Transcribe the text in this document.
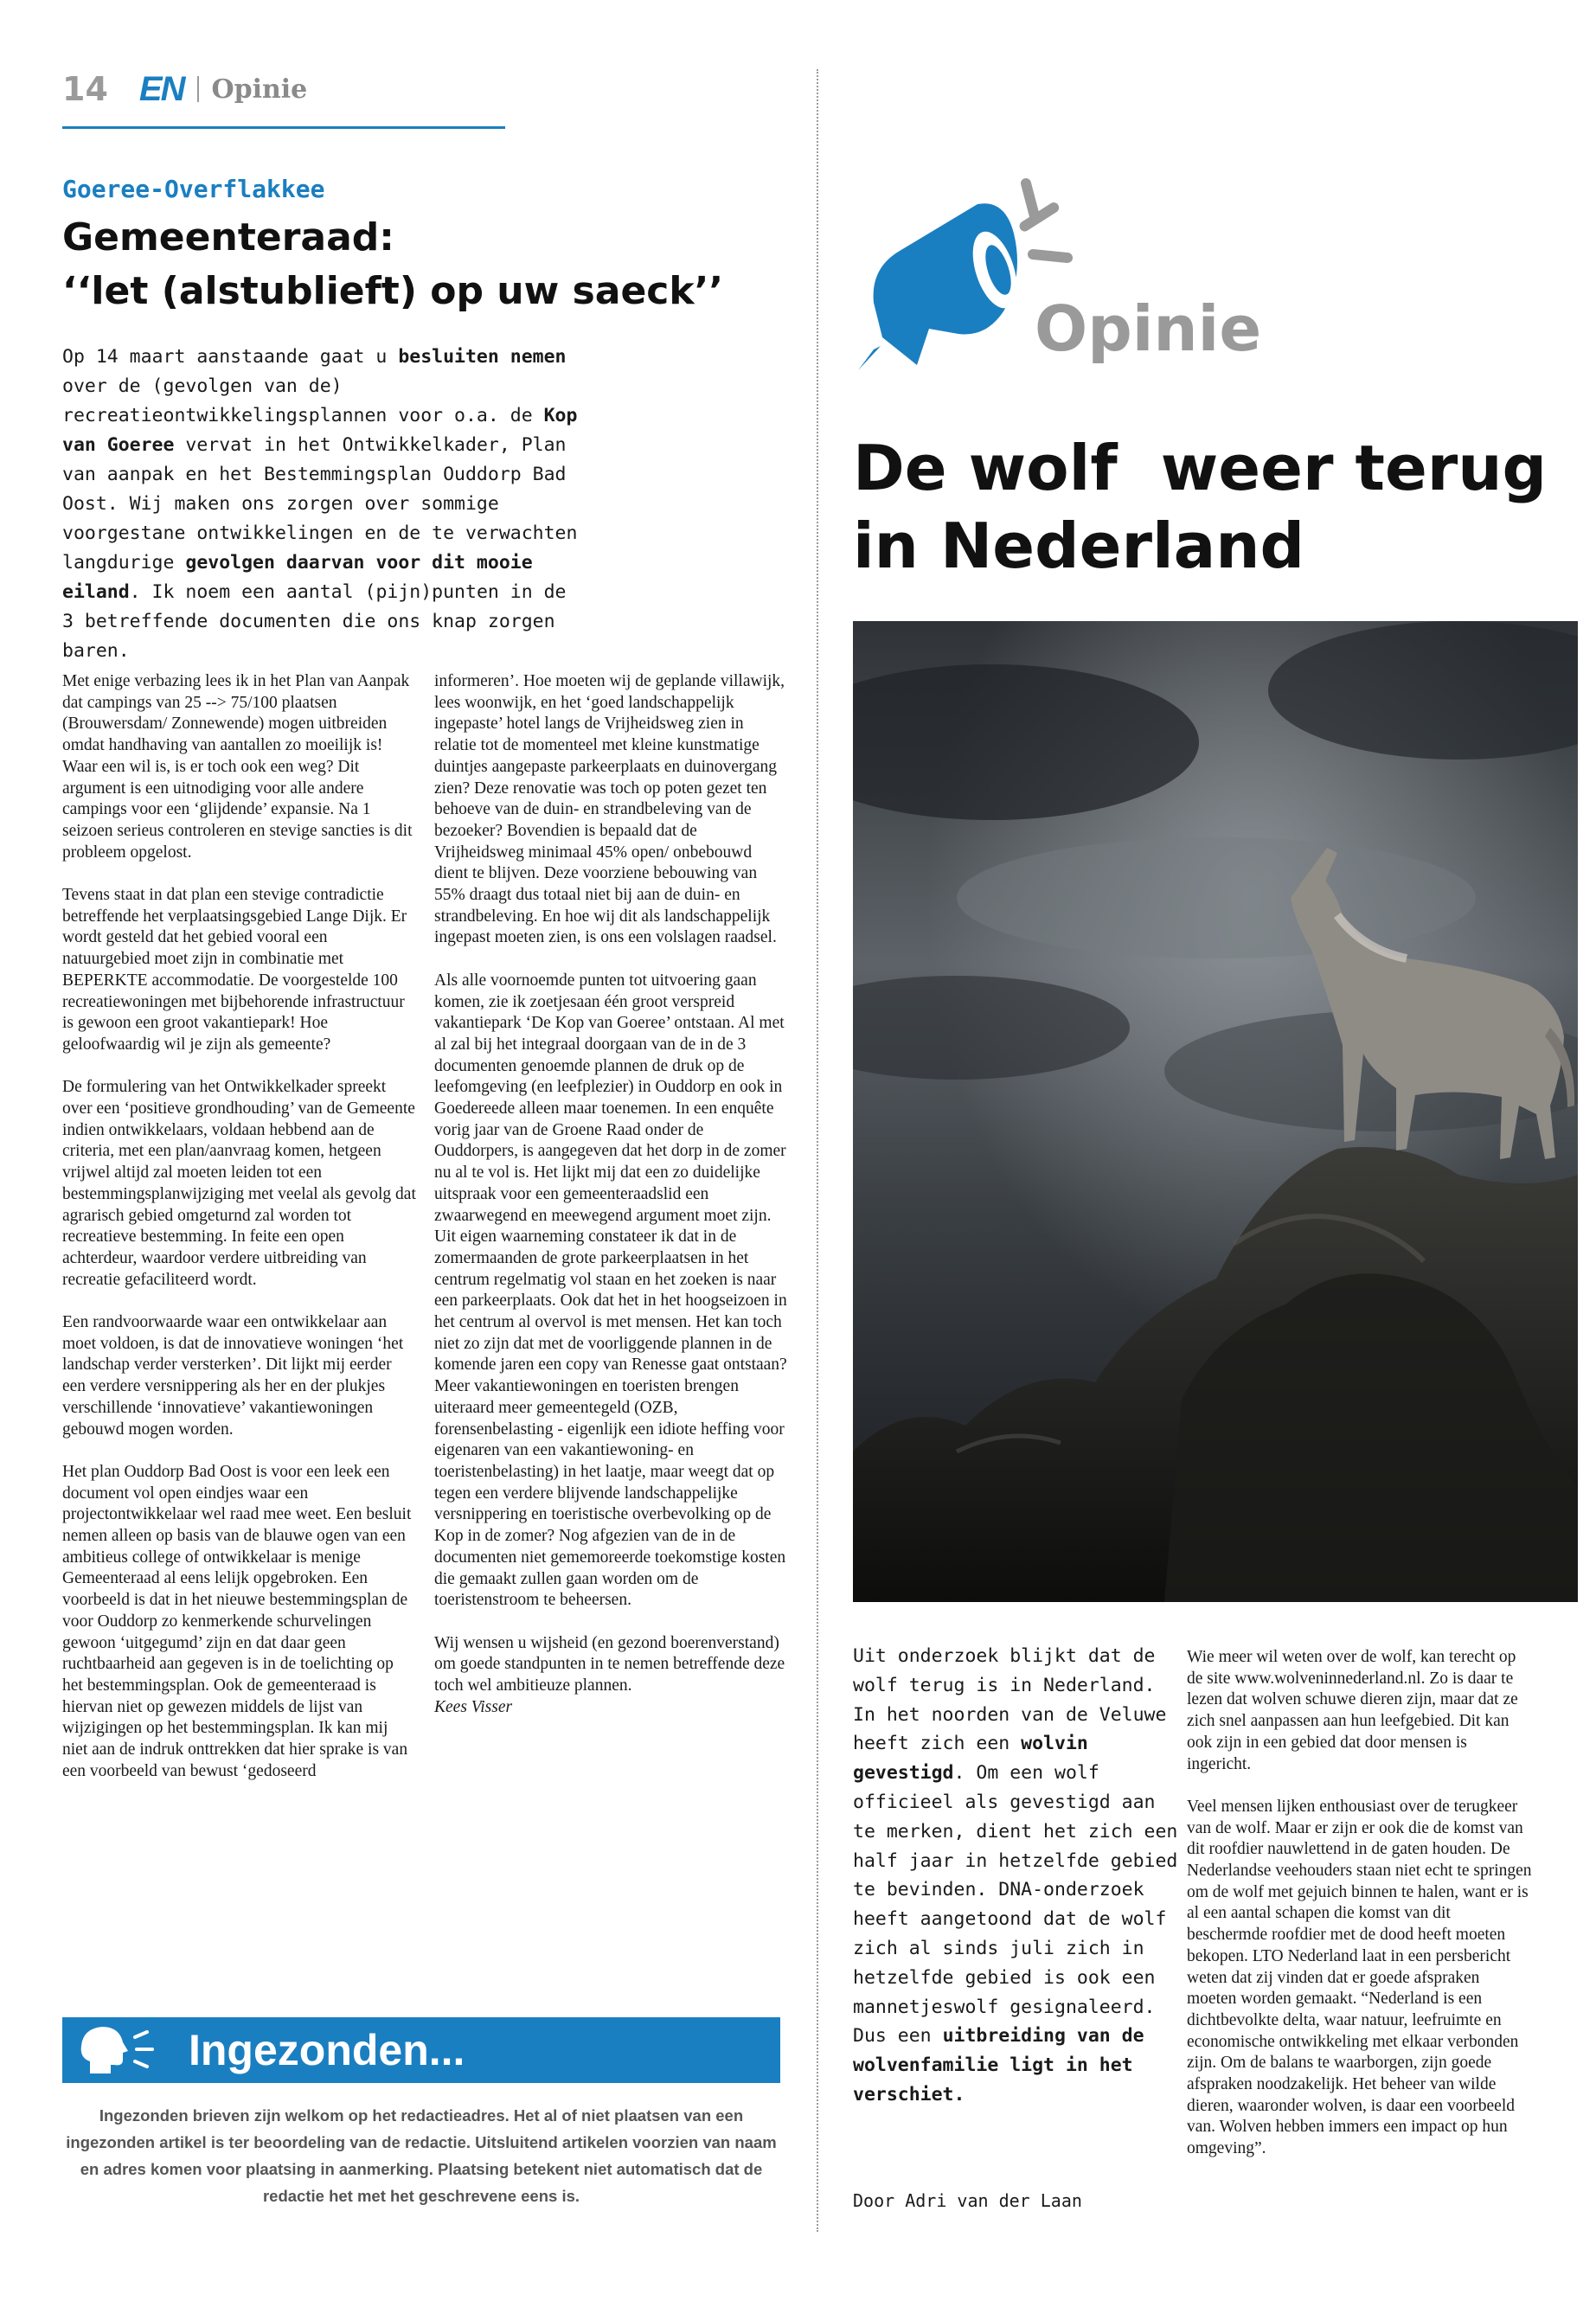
14 EN Opinie
Goeree-Overflakkee
Gemeenteraad:
‘‘let (alstublieft) op uw saeck’’

Op 14 maart aanstaande gaat u besluiten nemen over de (gevolgen van de) recreatieontwikkelingsplannen voor o.a. de Kop van Goeree vervat in het Ontwikkelkader, Plan van aanpak en het Bestemmingsplan Ouddorp Bad Oost. Wij maken ons zorgen over sommige voorgestane ontwikkelingen en de te verwachten langdurige gevolgen daarvan voor dit mooie eiland. Ik noem een aantal (pijn)punten in de 3 betreffende documenten die ons knap zorgen baren.

Met enige verbazing lees ik in het Plan van Aanpak dat campings van 25 --> 75/100 plaatsen (Brouwersdam/ Zonnewende) mogen uitbreiden omdat handhaving van aantallen zo moeilijk is! Waar een wil is, is er toch ook een weg? Dit argument is een uitnodiging voor alle andere campings voor een ‘glijdende’ expansie. Na 1 seizoen serieus controleren en stevige sancties is dit probleem opgelost.

Tevens staat in dat plan een stevige contradictie betreffende het verplaatsingsgebied Lange Dijk. Er wordt gesteld dat het gebied vooral een natuurgebied moet zijn in combinatie met BEPERKTE accommodatie. De voorgestelde 100 recreatiewoningen met bijbehorende infrastructuur is gewoon een groot vakantiepark! Hoe geloofwaardig wil je zijn als gemeente?

De formulering van het Ontwikkelkader spreekt over een ‘positieve grondhouding’ van de Gemeente indien ontwikkelaars, voldaan hebbend aan de criteria, met een plan/aanvraag komen, hetgeen vrijwel altijd zal moeten leiden tot een bestemmingsplanwijziging met veelal als gevolg dat agrarisch gebied omgeturnd zal worden tot recreatieve bestemming. In feite een open achterdeur, waardoor verdere uitbreiding van recreatie gefaciliteerd wordt.

Een randvoorwaarde waar een ontwikkelaar aan moet voldoen, is dat de innovatieve woningen ‘het landschap verder versterken’. Dit lijkt mij eerder een verdere versnippering als her en der plukjes verschillende ‘innovatieve’ vakantiewoningen gebouwd mogen worden.

Het plan Ouddorp Bad Oost is voor een leek een document vol open eindjes waar een projectontwikkelaar wel raad mee weet. Een besluit nemen alleen op basis van de blauwe ogen van een ambitieus college of ontwikkelaar is menige Gemeenteraad al eens lelijk opgebroken. Een voorbeeld is dat in het nieuwe bestemmingsplan de voor Ouddorp zo kenmerkende schurvelingen gewoon ‘uitgegumd’ zijn en dat daar geen ruchtbaarheid aan gegeven is in de toelichting op het bestemmingsplan. Ook de gemeenteraad is hiervan niet op gewezen middels de lijst van wijzigingen op het bestemmingsplan. Ik kan mij niet aan de indruk onttrekken dat hier sprake is van een voorbeeld van bewust ‘gedoseerd

informeren’. Hoe moeten wij de geplande villawijk, lees woonwijk, en het ‘goed landschappelijk ingepaste’ hotel langs de Vrijheidsweg zien in relatie tot de momenteel met kleine kunstmatige duintjes aangepaste parkeerplaats en duinovergang zien? Deze renovatie was toch op poten gezet ten behoeve van de duin- en strandbeleving van de bezoeker? Bovendien is bepaald dat de Vrijheidsweg minimaal 45% open/ onbebouwd dient te blijven. Deze voorziene bebouwing van 55% draagt dus totaal niet bij aan de duin- en strandbeleving. En hoe wij dit als landschappelijk ingepast moeten zien, is ons een volslagen raadsel.

Als alle voornoemde punten tot uitvoering gaan komen, zie ik zoetjesaan één groot verspreid vakantiepark ‘De Kop van Goeree’ ontstaan. Al met al zal bij het integraal doorgaan van de in de 3 documenten genoemde plannen de druk op de leefomgeving (en leefplezier) in Ouddorp en ook in Goedereede alleen maar toenemen. In een enquête vorig jaar van de Groene Raad onder de Ouddorpers, is aangegeven dat het dorp in de zomer nu al te vol is. Het lijkt mij dat een zo duidelijke uitspraak voor een gemeenteraadslid een zwaarwegend en meewegend argument moet zijn. Uit eigen waarneming constateer ik dat in de zomermaanden de grote parkeerplaatsen in het centrum regelmatig vol staan en het zoeken is naar een parkeerplaats. Ook dat het in het hoogseizoen in het centrum al overvol is met mensen. Het kan toch niet zo zijn dat met de voorliggende plannen in de komende jaren een copy van Renesse gaat ontstaan? Meer vakantiewoningen en toeristen brengen uiteraard meer gemeentegeld (OZB, forensenbelasting - eigenlijk een idiote heffing voor eigenaren van een vakantiewoning- en toeristenbelasting) in het laatje, maar weegt dat op tegen een verdere blijvende landschappelijke versnippering en toeristische overbevolking op de Kop in de zomer? Nog afgezien van de in de documenten niet gememoreerde toekomstige kosten die gemaakt zullen gaan worden om de toeristenstroom te beheersen.

Wij wensen u wijsheid (en gezond boerenverstand) om goede standpunten in te nemen betreffende deze toch wel ambitieuze plannen.

Kees Visser

Ingezonden...

Ingezonden brieven zijn welkom op het redactieadres. Het al of niet plaatsen van een ingezonden artikel is ter beoordeling van de redactie. Uitsluitend artikelen voorzien van naam en adres komen voor plaatsing in aanmerking. Plaatsing betekent niet automatisch dat de redactie het met het geschrevene eens is.

Opinie
De wolf  weer terug
in Nederland

Uit onderzoek blijkt dat de wolf terug is in Nederland. In het noorden van de Veluwe heeft zich een wolvin gevestigd. Om een wolf officieel als gevestigd aan te merken, dient het zich een half jaar in hetzelfde gebied te bevinden. DNA-onderzoek heeft aangetoond dat de wolf zich al sinds juli zich in hetzelfde gebied is ook een mannetjeswolf gesignaleerd. Dus een uitbreiding van de wolvenfamilie ligt in het verschiet.

Door Adri van der Laan

Wie meer wil weten over de wolf, kan terecht op de site www.wolveninnederland.nl. Zo is daar te lezen dat wolven schuwe dieren zijn, maar dat ze zich snel aanpassen aan hun leefgebied. Dit kan ook zijn in een gebied dat door mensen is ingericht.

Veel mensen lijken enthousiast over de terugkeer van de wolf. Maar er zijn er ook die de komst van dit roofdier nauwlettend in de gaten houden. De Nederlandse veehouders staan niet echt te springen om de wolf met gejuich binnen te halen, want er is al een aantal schapen die komst van dit beschermde roofdier met de dood heeft moeten bekopen. LTO Nederland laat in een persbericht weten dat zij vinden dat er goede afspraken moeten worden gemaakt. “Nederland is een dichtbevolkte delta, waar natuur, leefruimte en economische ontwikkeling met elkaar verbonden zijn. Om de balans te waarborgen, zijn goede afspraken noodzakelijk. Het beheer van wilde dieren, waaronder wolven, is daar een voorbeeld van. Wolven hebben immers een impact op hun omgeving”.
